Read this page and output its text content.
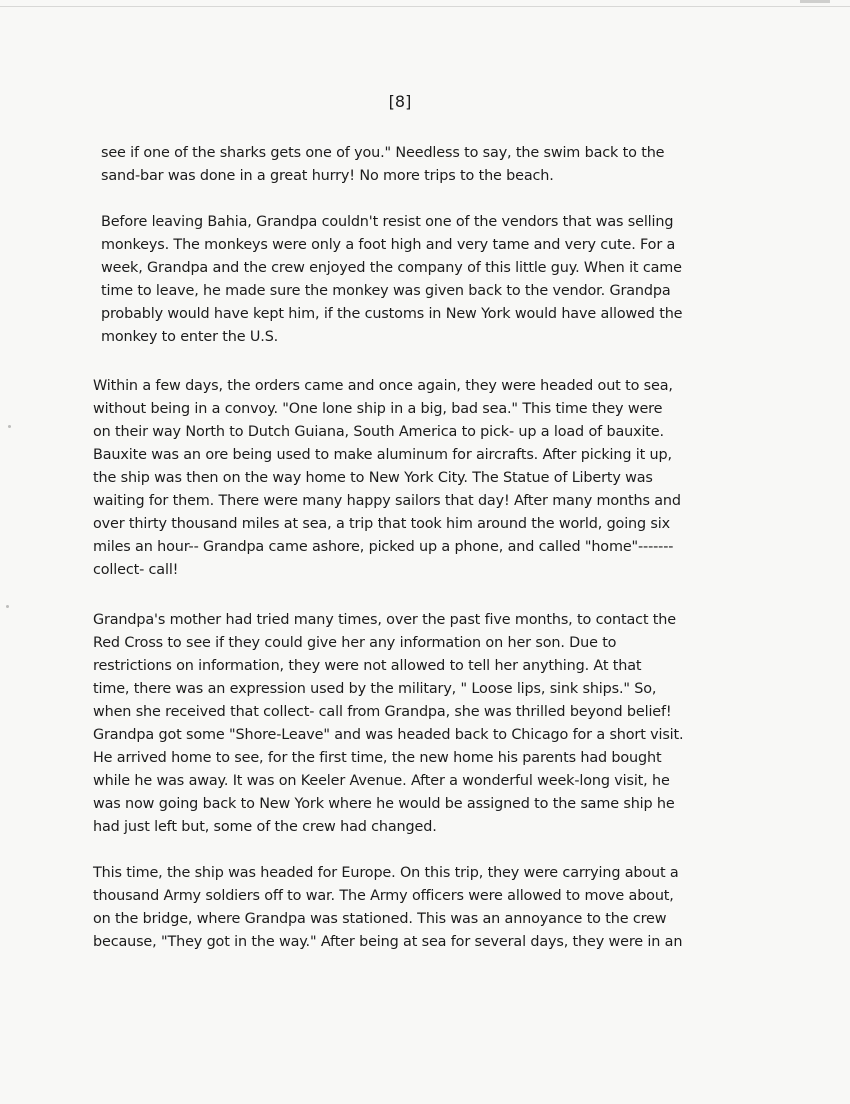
[8]

see if one of the sharks gets one of you." Needless to say, the swim back to the
sand-bar was done in a great hurry! No more trips to the beach.

Before leaving Bahia, Grandpa couldn't resist one of the vendors that was selling
monkeys. The monkeys were only a foot high and very tame and very cute. For a
week, Grandpa and the crew enjoyed the company of this little guy. When it came
time to leave, he made sure the monkey was given back to the vendor. Grandpa
probably would have kept him, if the customs in New York would have allowed the
monkey to enter the U.S.

Within a few days, the orders came and once again, they were headed out to sea,
without being in a convoy. "One lone ship in a big, bad sea." This time they were
on their way North to Dutch Guiana, South America to pick- up a load of bauxite.
Bauxite was an ore being used to make aluminum for aircrafts. After picking it up,
the ship was then on the way home to New York City. The Statue of Liberty was
waiting for them. There were many happy sailors that day! After many months and
over thirty thousand miles at sea, a trip that took him around the world, going six
miles an hour-- Grandpa came ashore, picked up a phone, and called "home"-------
collect- call!

Grandpa's mother had tried many times, over the past five months, to contact the
Red Cross to see if they could give her any information on her son. Due to
restrictions on information, they were not allowed to tell her anything. At that
time, there was an expression used by the military, " Loose lips, sink ships." So,
when she received that collect- call from Grandpa, she was thrilled beyond belief!
Grandpa got some "Shore-Leave" and was headed back to Chicago for a short visit.
He arrived home to see, for the first time, the new home his parents had bought
while he was away. It was on Keeler Avenue. After a wonderful week-long visit, he
was now going back to New York where he would be assigned to the same ship he
had just left but, some of the crew had changed.

This time, the ship was headed for Europe. On this trip, they were carrying about a
thousand Army soldiers off to war. The Army officers were allowed to move about,
on the bridge, where Grandpa was stationed. This was an annoyance to the crew
because, "They got in the way." After being at sea for several days, they were in an
